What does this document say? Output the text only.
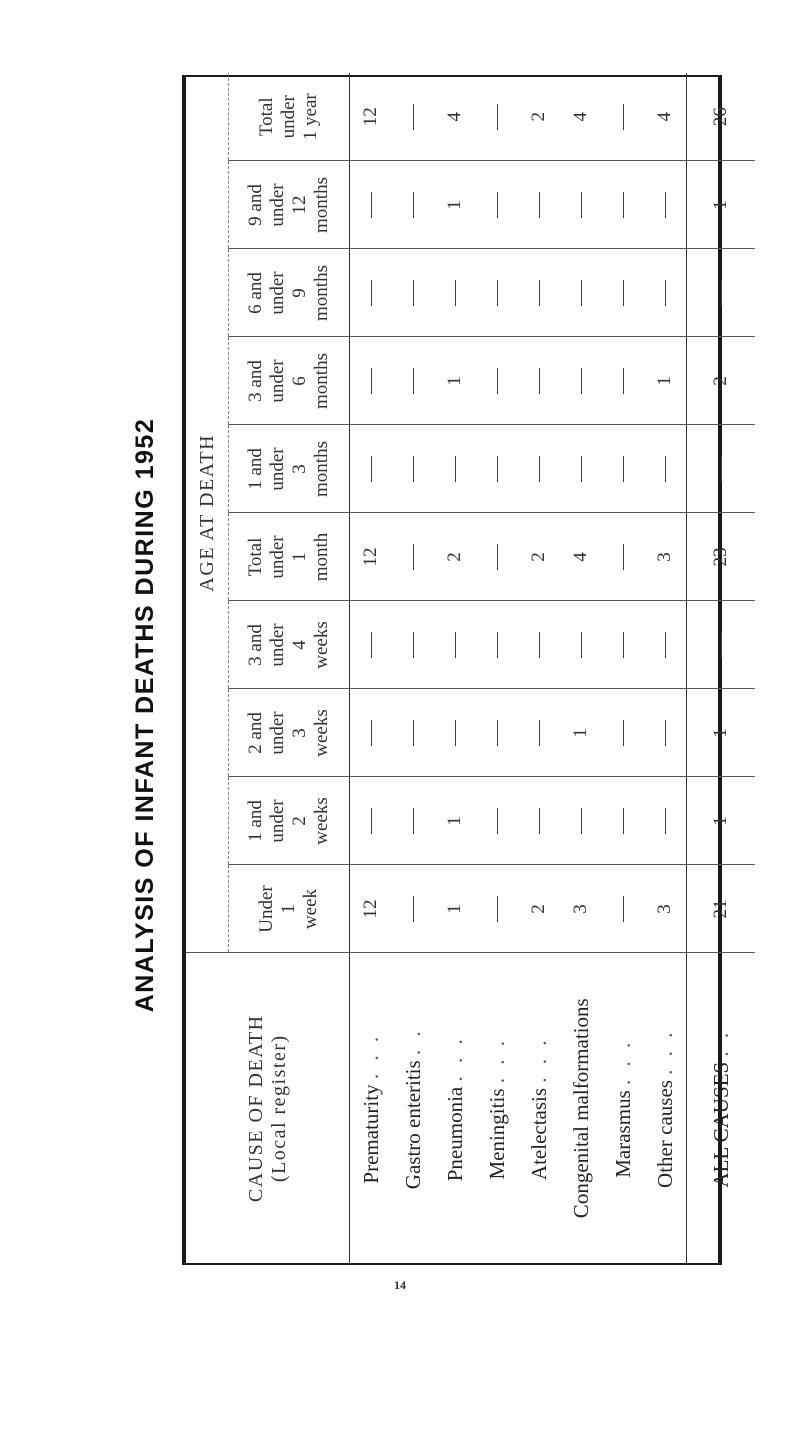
ANALYSIS OF INFANT DEATHS DURING 1952
CAUSE OF DEATH
(Local register)	AGE AT DEATH									
	Under
1
week	1 and
under
2
weeks	2 and
under
3
weeks	3 and
under
4
weeks	Total
under
1
month	1 and
under
3
months	3 and
under
6
months	6 and
under
9
months	9 and
under
12
months	Total
under
1 year
Prematurity . . .	12				12					12
Gastro enteritis . .										
Pneumonia . . .	1	1			2		1		1	4
Meningitis . . .										
Atelectasis . . .	2				2					2
Congenital malformations	3		1		4					4
Marasmus . . .										
Other causes . . .	3				3		1			4
ALL CAUSES . .	21	1	1		23		2		1	26
14
